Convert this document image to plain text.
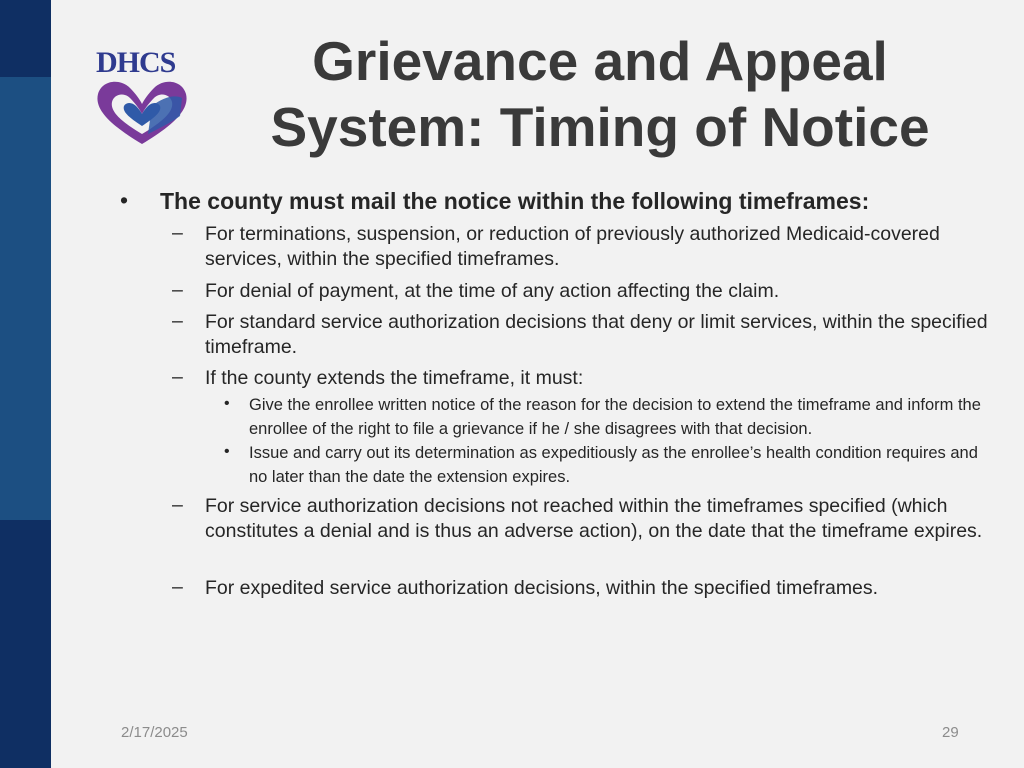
DHCS	Grievance and Appeal
System: Timing of Notice
• The county must mail the notice within the following timeframes:
– For terminations, suspension, or reduction of previously authorized Medicaid-covered services, within the specified timeframes.
– For denial of payment, at the time of any action affecting the claim.
– For standard service authorization decisions that deny or limit services, within the specified timeframe.
– If the county extends the timeframe, it must:
• Give the enrollee written notice of the reason for the decision to extend the timeframe and inform the enrollee of the right to file a grievance if he / she disagrees with that decision.
• Issue and carry out its determination as expeditiously as the enrollee’s health condition requires and no later than the date the extension expires.
– For service authorization decisions not reached within the timeframes specified (which constitutes a denial and is thus an adverse action), on the date that the timeframe expires.
– For expedited service authorization decisions, within the specified timeframes.
2/17/2025	29
